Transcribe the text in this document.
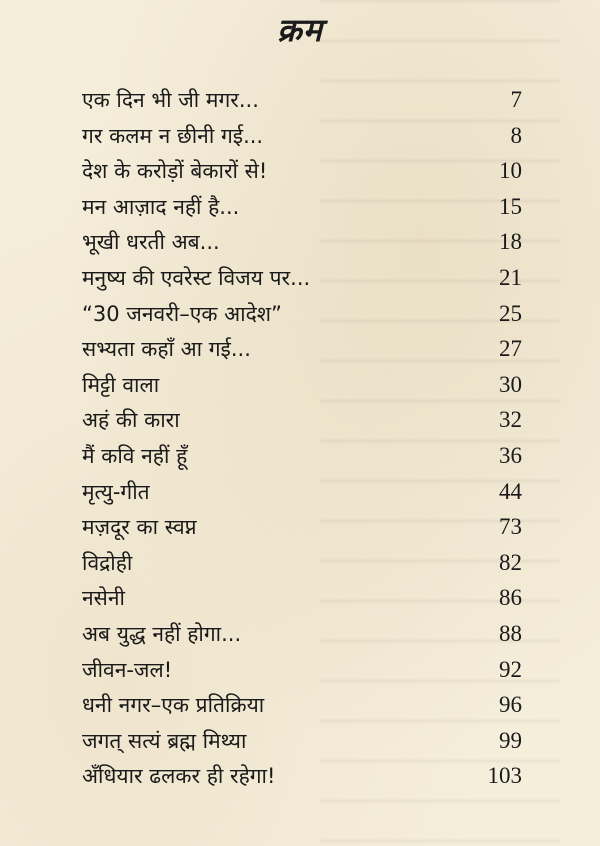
क्रम
एक दिन भी जी मगर...	7
गर कलम न छीनी गई...	8
देश के करोड़ों बेकारों से!	10
मन आज़ाद नहीं है...	15
भूखी धरती अब...	18
मनुष्य की एवरेस्ट विजय पर...	21
“30 जनवरी–एक आदेश”	25
सभ्यता कहाँ आ गई...	27
मिट्टी वाला	30
अहं की कारा	32
मैं कवि नहीं हूँ	36
मृत्यु-गीत	44
मज़दूर का स्वप्न	73
विद्रोही	82
नसेनी	86
अब युद्ध नहीं होगा...	88
जीवन-जल!	92
धनी नगर–एक प्रतिक्रिया	96
जगत् सत्यं ब्रह्म मिथ्या	99
अँधियार ढलकर ही रहेगा!	103
